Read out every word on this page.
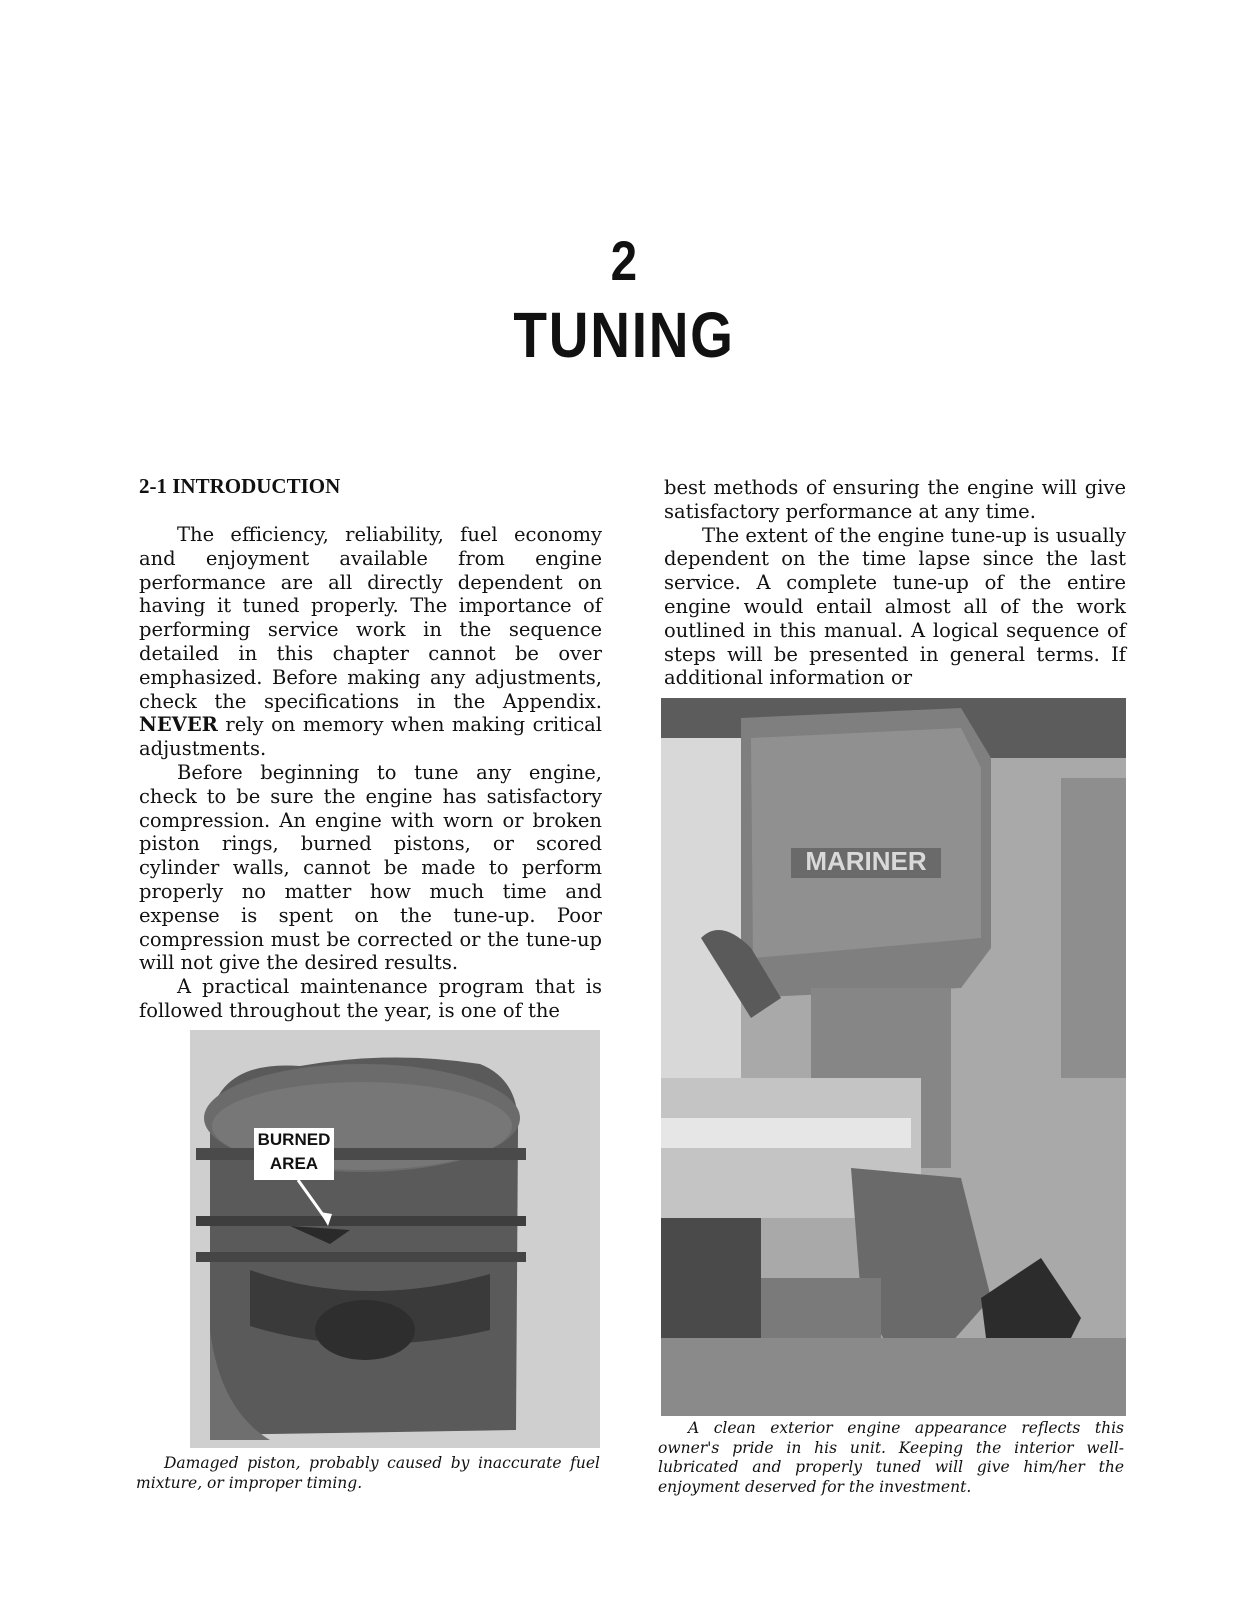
2
TUNING
2-1 INTRODUCTION

The efficiency, reliability, fuel economy and enjoyment available from engine performance are all directly dependent on having it tuned properly. The importance of performing service work in the sequence detailed in this chapter cannot be over emphasized. Before making any adjustments, check the specifications in the Appendix. NEVER rely on memory when making critical adjustments.

Before beginning to tune any engine, check to be sure the engine has satisfactory compression. An engine with worn or broken piston rings, burned pistons, or scored cylinder walls, cannot be made to perform properly no matter how much time and expense is spent on the tune-up. Poor compression must be corrected or the tune-up will not give the desired results.

A practical maintenance program that is followed throughout the year, is one of the

best methods of ensuring the engine will give satisfactory performance at any time.

The extent of the engine tune-up is usually dependent on the time lapse since the last service. A complete tune-up of the entire engine would entail almost all of the work outlined in this manual. A logical sequence of steps will be presented in general terms. If additional information or

BURNED
AREA
Damaged piston, probably caused by inaccurate fuel mixture, or improper timing.
MARINER
A clean exterior engine appearance reflects this owner's pride in his unit. Keeping the interior well-lubricated and properly tuned will give him/her the enjoyment deserved for the investment.
